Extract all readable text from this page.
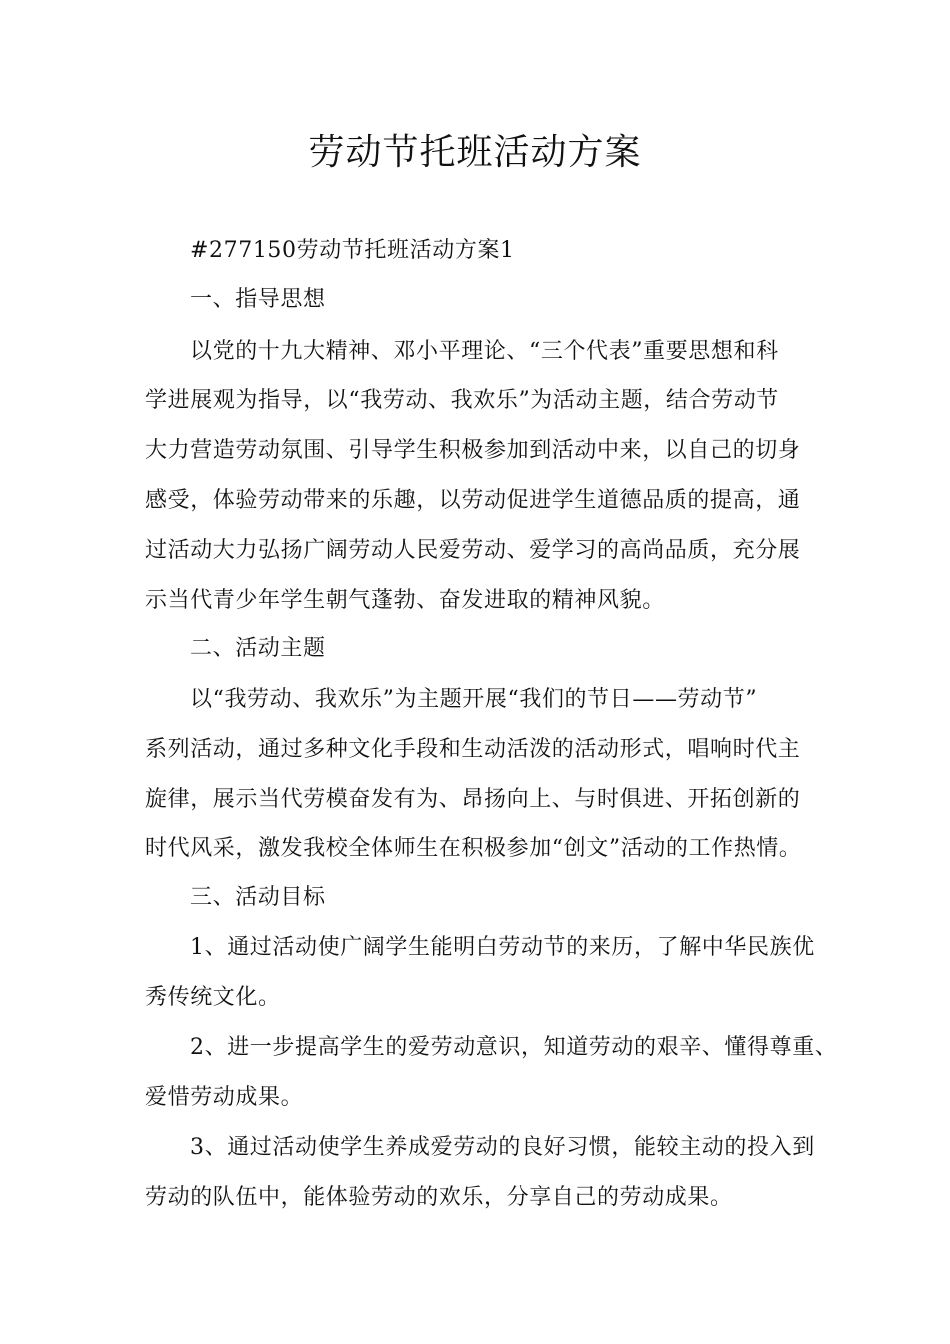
劳动节托班活动方案
#277150劳动节托班活动方案1
一、指导思想
以党的十九大精神、邓小平理论、“三个代表”重要思想和科
学进展观为指导，以“我劳动、我欢乐”为活动主题，结合劳动节
大力营造劳动氛围、引导学生积极参加到活动中来，以自己的切身
感受，体验劳动带来的乐趣，以劳动促进学生道德品质的提高，通
过活动大力弘扬广阔劳动人民爱劳动、爱学习的高尚品质，充分展
示当代青少年学生朝气蓬勃、奋发进取的精神风貌。
二、活动主题
以“我劳动、我欢乐”为主题开展“我们的节日——劳动节”
系列活动，通过多种文化手段和生动活泼的活动形式，唱响时代主
旋律，展示当代劳模奋发有为、昂扬向上、与时俱进、开拓创新的
时代风采，激发我校全体师生在积极参加“创文”活动的工作热情。
三、活动目标
1、通过活动使广阔学生能明白劳动节的来历，了解中华民族优
秀传统文化。
2、进一步提高学生的爱劳动意识，知道劳动的艰辛、懂得尊重、
爱惜劳动成果。
3、通过活动使学生养成爱劳动的良好习惯，能较主动的投入到
劳动的队伍中，能体验劳动的欢乐，分享自己的劳动成果。
